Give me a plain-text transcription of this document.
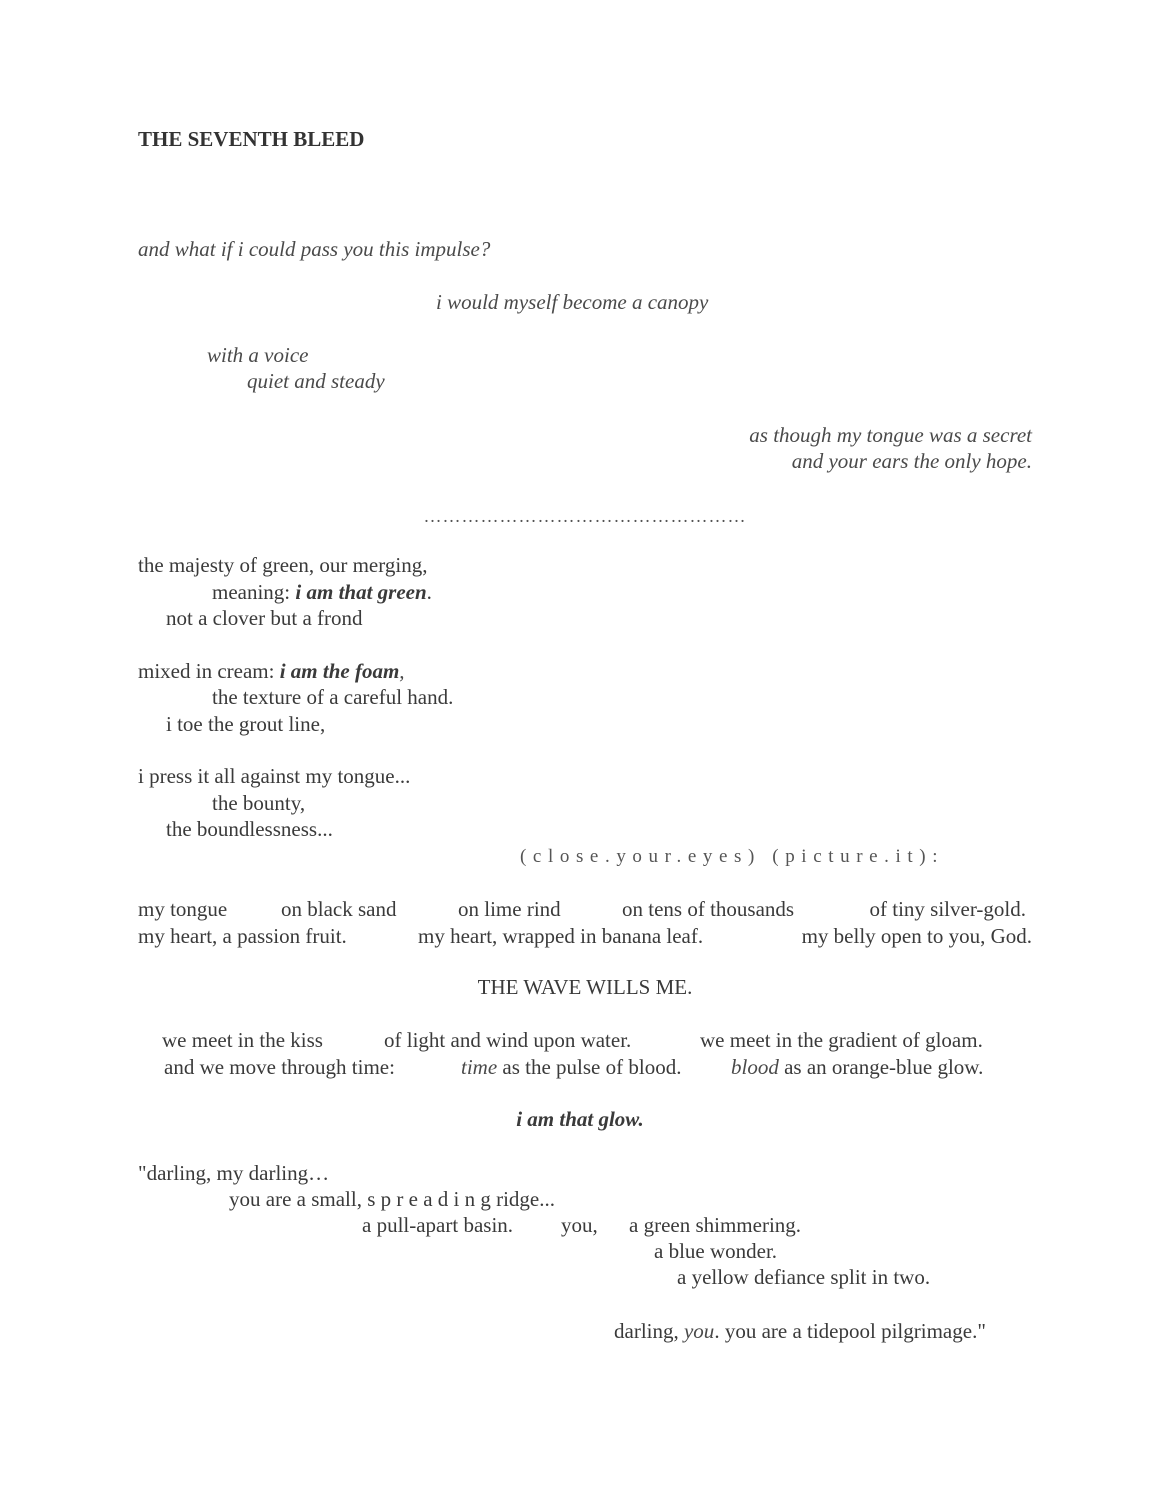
THE SEVENTH BLEED
and what if i could pass you this impulse?
i would myself become a canopy
with a voice
quiet and steady
as though my tongue was a secret
and your ears the only hope.
……………………………………………
the majesty of green, our merging,
meaning: i am that green.
not a clover but a frond
mixed in cream: i am the foam,
the texture of a careful hand.
i toe the grout line,
i press it all against my tongue...
the bounty,
the boundlessness...
(close.your.eyes) (picture.it):
my tongue	on black sand	on lime rind	on tens of thousands	of tiny silver-gold.
my heart, a passion fruit.	my heart, wrapped in banana leaf.	my belly open to you, God.
THE WAVE WILLS ME.
we meet in the kiss	of light and wind upon water.	we meet in the gradient of gloam.
and we move through time:	time as the pulse of blood. blood as an orange-blue glow.
i am that glow.
"darling, my darling…
you are a small, s p r e a d i n g ridge...
a pull-apart basin. you, a green shimmering.
a blue wonder.
a yellow defiance split in two.
darling, you. you are a tidepool pilgrimage."
